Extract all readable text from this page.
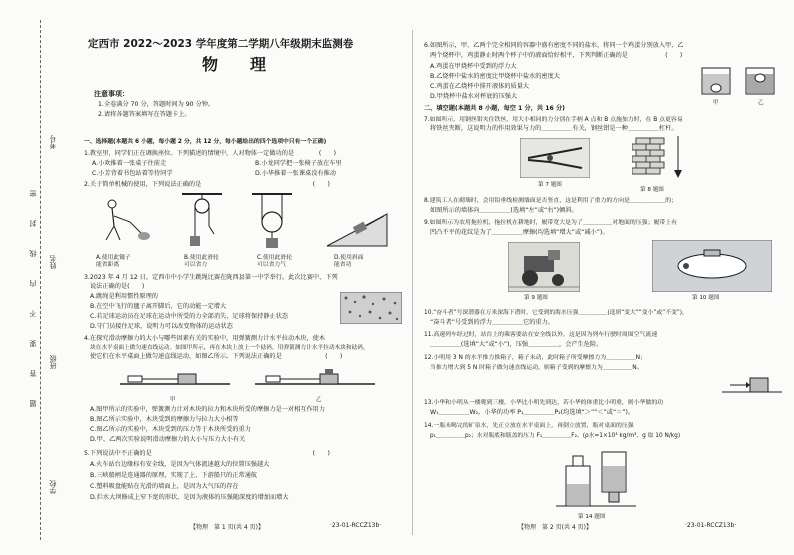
考号
姓名
班级
学校
密
封
线
内
不
要
答
题
定西市 2022～2023 学年度第二学期八年级期末监测卷
物　　理
注意事项：
1.全卷满分 70 分，答题时间为 90 分钟。
2.请将各题答案填写在答题卡上。
一、选择题(本题共 6 小题，每小题 2 分，共 12 分，每小题给出的四个选项中只有一个正确)
1.教室里，同学们正在调换座位。下列描述的情境中，人对物体一定做功的是　　　　(　　)
A.小欢推着一张桌子往前走	B.小龙同学把一张椅子放在车里
C.小芳背着书包站着等待同学	D.小华推着一张课桌没有推动
2.关于简单机械的使用，下列说法正确的是　　　　　　　　　　　　　　　　　　(　　)
A.使用此镊子
能省距离
B.使用此滑轮
可以省力
C.使用此滑轮
可以省力气
D.使用斜面
能省功
3.2023 年 4 月 12 日，定西市中小学生跳绳比赛在陇西县第一中学举行。此次比赛中，下列
说法正确的是(　　)
A.跳绳是利用惯性原理的
B.在空中飞行的毽子离开脚后，它的动能一定增大
C.若足球运动员在足球在运动中所受的力全部消失，足球将保持静止状态
D.守门员接住足球，说明力可以改变物体的运动状态
4.在探究滑动摩擦力的大小与哪些因素有关的实验中，用弹簧测力计水平拉动木块，使木
块在水平桌面上做匀速直线运动。如图甲所示，再在木块上放上一个砝码，用弹簧测力计水平拉动木块和砝码，
使它们在水平桌面上做匀速直线运动，如图乙所示。下列说法正确的是　　　　　　　(　　)
甲	乙
A.图甲所示的实验中，弹簧测力计对木块的拉力和木块所受的摩擦力是一对相互作用力
B.图乙所示实验中，木块受到的摩擦力与拉力大小相等
C.图乙所示的实验中，木块受到的压力等于木块所受的重力
D.甲、乙两次实验说明滑动摩擦力的大小与压力大小有关
5.下列说法中不正确的是　　　　　　　　　　　　　　　　　　　　　　　　　　(　　)
A.火车站台边缘标有安全线，是因为气体流速越大的位置压强越大
B.三峡船闸是连通器的原理，实现了上、下游船只的正常通航
C.塑料吸盘能贴在光滑的墙面上，是因为大气压的存在
D.拦水大坝修成上窄下宽的形状，是因为液体的压强随深度的增加而增大
【物理　第 1 页(共 4 页)】	·23-01-RCCZ13b·
6.如图所示，甲、乙两个完全相同的容器中盛有密度不同的盐水，将同一个鸡蛋分别放入甲、乙
两个烧杯中，鸡蛋静止时两个杯子中的液面恰好相平，下列判断正确的是　　　　　　(　　)
A.鸡蛋在甲烧杯中受到的浮力大
B.乙烧杯中盐水的密度比甲烧杯中盐水的密度大
C.鸡蛋在乙烧杯中排开液体的质量大
D.甲烧杯中盐水对杯底的压强大
甲	乙
二、填空题(本题共 8 小题，每空 1 分，共 16 分)
7.如图所示，用钢丝钳夹住铁丝，用大小相同的力分别在手柄 A 点和 B 点施加力时，在 B 点更容易
将铁丝夹断，这说明力的作用效果与力的＿＿＿＿＿有关，钢丝钳是一种＿＿＿＿＿杠杆。
第 7 题图
第 8 题图
8.建筑工人在砌墙时，会用铅垂线检测墙面是否竖直，这是利用了重力的方向是＿＿＿＿＿＿的；
如图所示的墙体向＿＿＿＿＿(选填“左”或“右”)倾斜。
9.如图所示为农用拖拉机，拖拉机在耕地时，履带宽大是为了＿＿＿＿＿对地面的压强；履带上有
凹凸不平的花纹是为了＿＿＿＿＿摩擦(均选填“增大”或“减小”)。
第 9 题图	第 10 题图
10.“奋斗者”号深潜器在万米深海下潜时，它受到的海水压强＿＿＿＿＿(选填“变大”“变小”或“不变”)，
“奋斗者”号受到的浮力＿＿＿＿＿它的重力。
11.高速列车经过时，站台上的乘客要站在安全线以外，这是因为列车行驶时周围空气流速
＿＿＿＿＿(选填“大”或“小”)，压强＿＿＿＿＿，会产生危险。
12.小明用 3 N 的水平推力推箱子，箱子未动，此时箱子所受摩擦力为＿＿＿＿＿N；
当推力增大到 5 N 时箱子做匀速直线运动，则箱子受到的摩擦力为＿＿＿＿＿N。
13.小华和小明从一楼爬到三楼，小华比小明先到达，若小华的体重比小明重，则小华做的功
W₁＿＿＿＿＿W₂，小华的功率 P₁＿＿＿＿＿P₂(均选填“＞”“＜”或“＝”)。
14.一瓶未喝完的矿泉水，先正立放在水平桌面上，再倒立放置，瓶对桌面的压强
p₁＿＿＿＿＿p₂；水对瓶底和瓶盖的压力 F₁＿＿＿＿＿F₂。(ρ水=1×10³ kg/m³，g 取 10 N/kg)
第 14 题图
【物理　第 2 页(共 4 页)】	·23-01-RCCZ13b·
